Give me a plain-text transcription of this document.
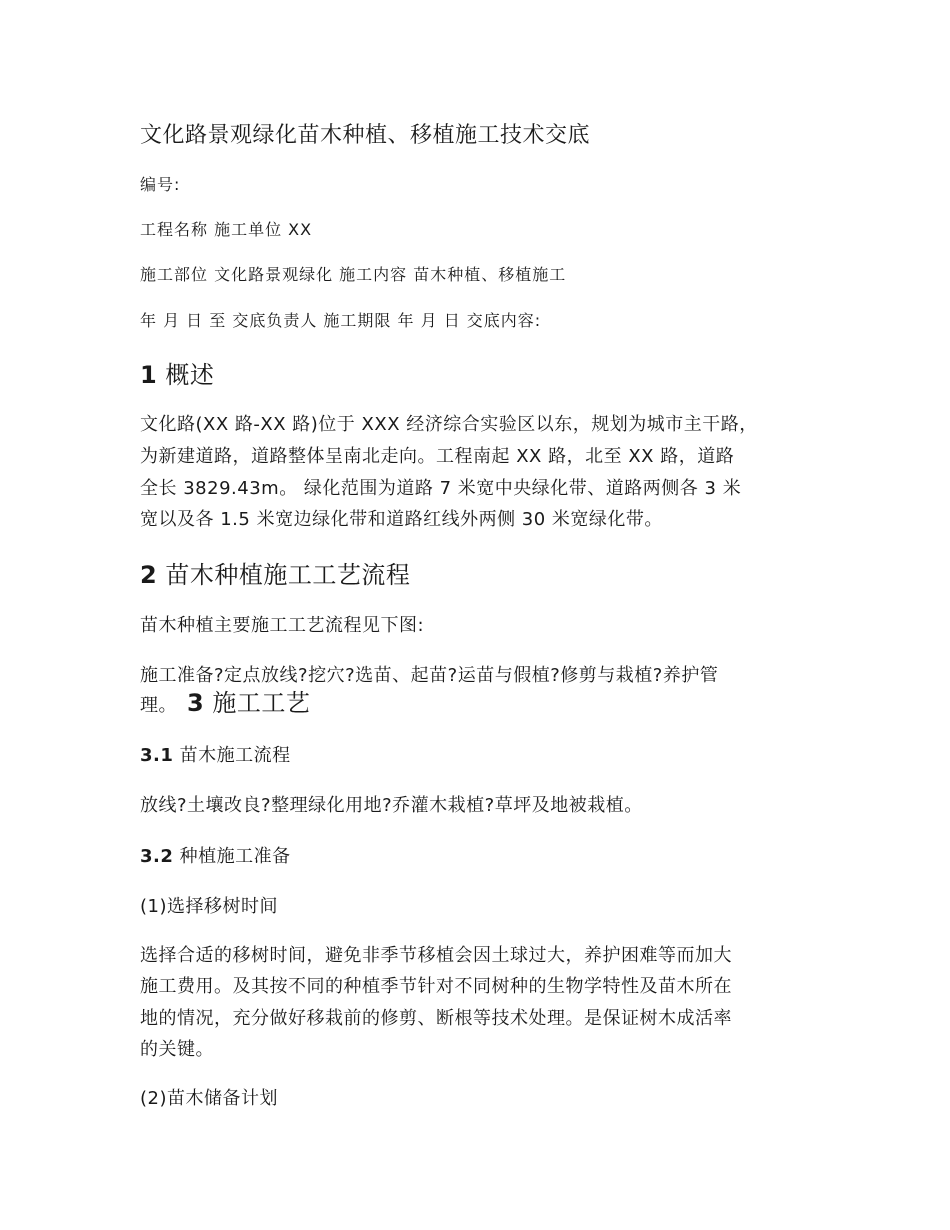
文化路景观绿化苗木种植、移植施工技术交底
编号:
工程名称 施工单位 XX
施工部位 文化路景观绿化 施工内容 苗木种植、移植施工
年 月 日 至 交底负责人 施工期限 年 月 日 交底内容:
1 概述
文化路(XX 路-XX 路)位于 XXX 经济综合实验区以东，规划为城市主干路，
为新建道路，道路整体呈南北走向。工程南起 XX 路，北至 XX 路，道路
全长 3829.43m。 绿化范围为道路 7 米宽中央绿化带、道路两侧各 3 米
宽以及各 1.5 米宽边绿化带和道路红线外两侧 30 米宽绿化带。
2 苗木种植施工工艺流程
苗木种植主要施工工艺流程见下图:
施工准备?定点放线?挖穴?选苗、起苗?运苗与假植?修剪与栽植?养护管
理。 3 施工工艺
3.1 苗木施工流程
放线?土壤改良?整理绿化用地?乔灌木栽植?草坪及地被栽植。
3.2 种植施工准备
(1)选择移树时间
选择合适的移树时间，避免非季节移植会因土球过大，养护困难等而加大
施工费用。及其按不同的种植季节针对不同树种的生物学特性及苗木所在
地的情况，充分做好移栽前的修剪、断根等技术处理。是保证树木成活率
的关键。
(2)苗木储备计划
